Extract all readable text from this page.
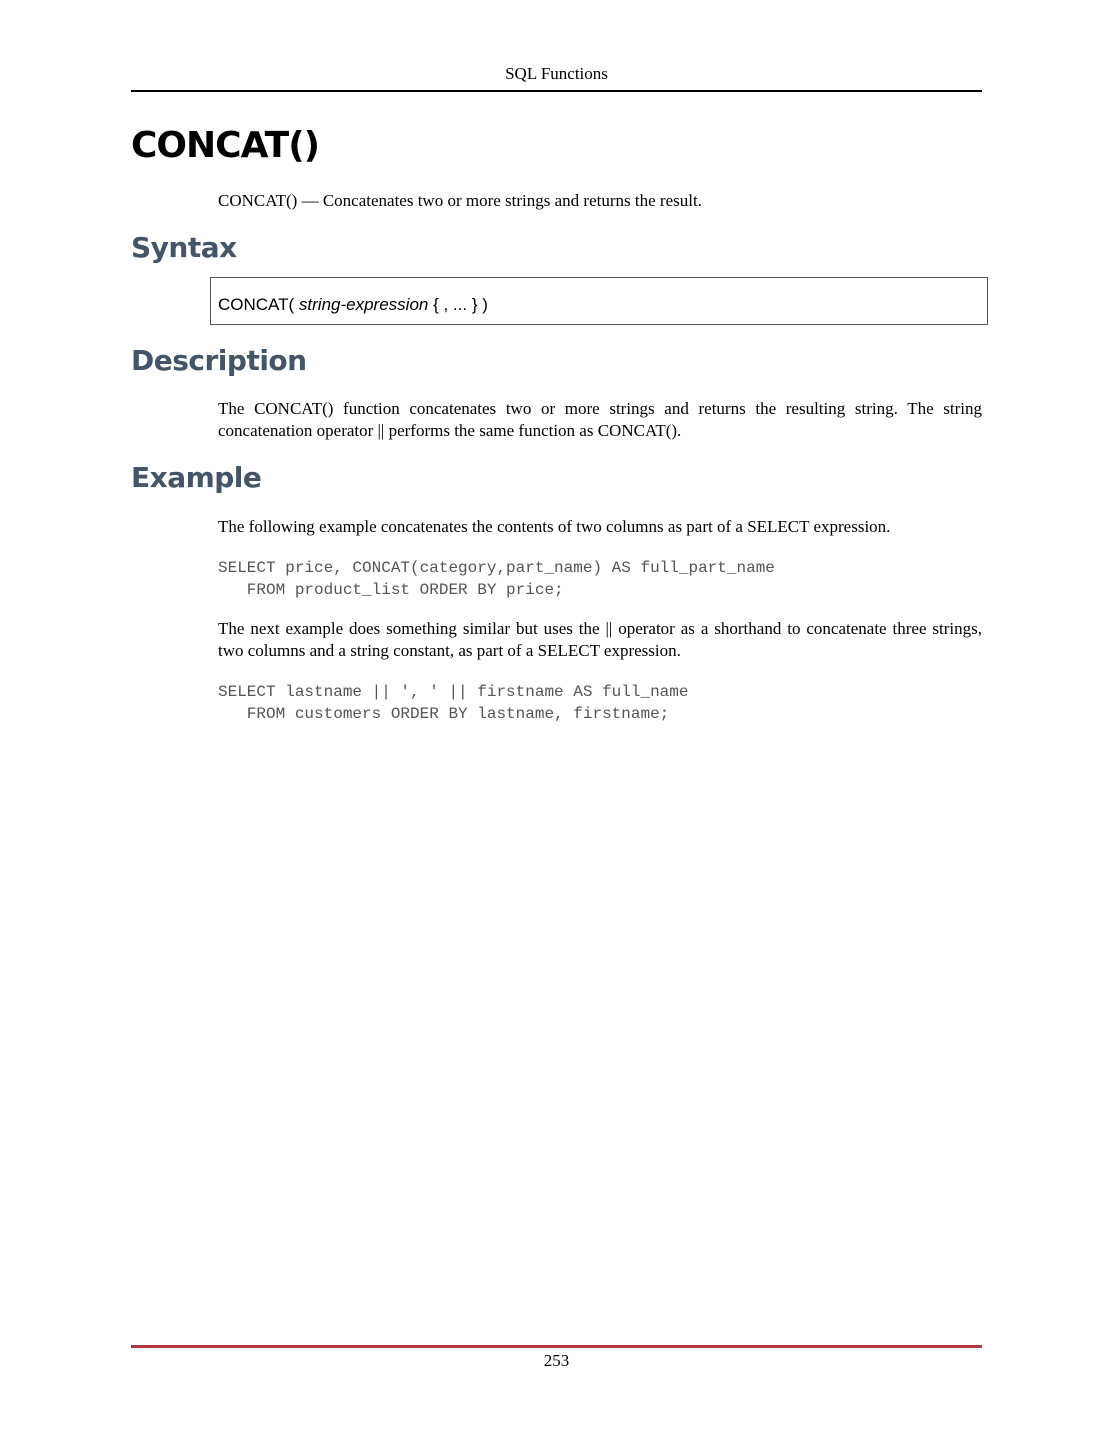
SQL Functions
CONCAT()
CONCAT() — Concatenates two or more strings and returns the result.
Syntax
CONCAT( string-expression { , ... } )
Description

The CONCAT() function concatenates two or more strings and returns the resulting string. The string concatenation operator || performs the same function as CONCAT().

Example

The following example concatenates the contents of two columns as part of a SELECT expression.

SELECT price, CONCAT(category,part_name) AS full_part_name
FROM product_list ORDER BY price;

The next example does something similar but uses the || operator as a shorthand to concatenate three strings, two columns and a string constant, as part of a SELECT expression.

SELECT lastname || ', ' || firstname AS full_name
FROM customers ORDER BY lastname, firstname;
253
